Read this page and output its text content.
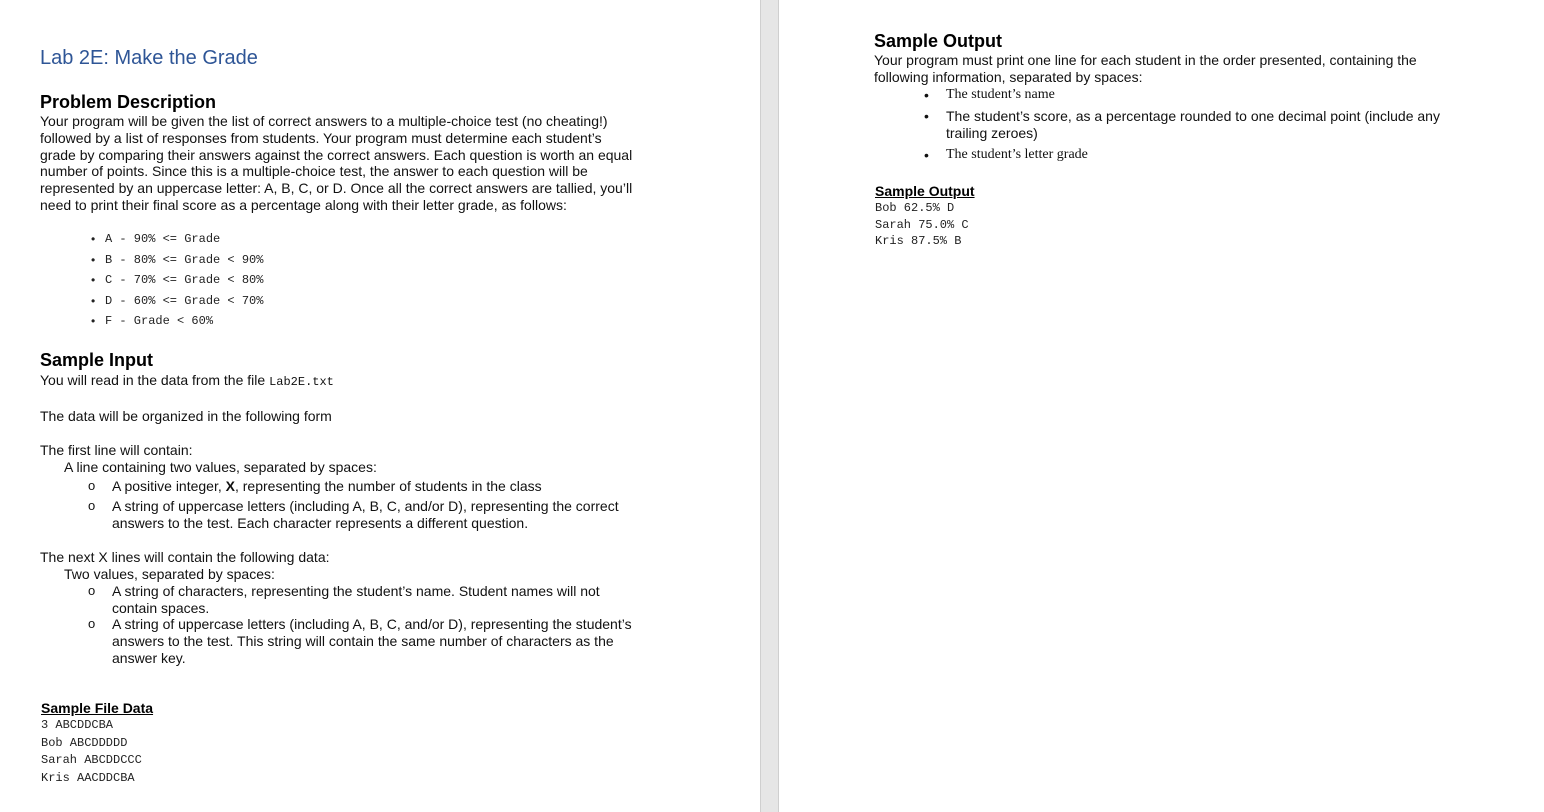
Lab 2E: Make the Grade
Problem Description
Your program will be given the list of correct answers to a multiple-choice test (no cheating!)
followed by a list of responses from students. Your program must determine each student’s
grade by comparing their answers against the correct answers. Each question is worth an equal
number of points. Since this is a multiple-choice test, the answer to each question will be
represented by an uppercase letter: A, B, C, or D. Once all the correct answers are tallied, you’ll
need to print their final score as a percentage along with their letter grade, as follows:
• A - 90% <= Grade
• B - 80% <= Grade < 90%
• C - 70% <= Grade < 80%
• D - 60% <= Grade < 70%
• F - Grade < 60%
Sample Input
You will read in the data from the file Lab2E.txt
The data will be organized in the following form
The first line will contain:
A line containing two values, separated by spaces:
o A positive integer, X, representing the number of students in the class
o A string of uppercase letters (including A, B, C, and/or D), representing the correct
answers to the test. Each character represents a different question.
The next X lines will contain the following data:
Two values, separated by spaces:
o A string of characters, representing the student’s name. Student names will not
contain spaces.
o A string of uppercase letters (including A, B, C, and/or D), representing the student’s
answers to the test. This string will contain the same number of characters as the
answer key.
Sample File Data
3 ABCDDCBA
Bob ABCDDDDD
Sarah ABCDDCCC
Kris AACDDCBA
Sample Output
Your program must print one line for each student in the order presented, containing the
following information, separated by spaces:
• The student’s name
• The student’s score, as a percentage rounded to one decimal point (include any
trailing zeroes)
• The student’s letter grade
Sample Output
Bob 62.5% D
Sarah 75.0% C
Kris 87.5% B
